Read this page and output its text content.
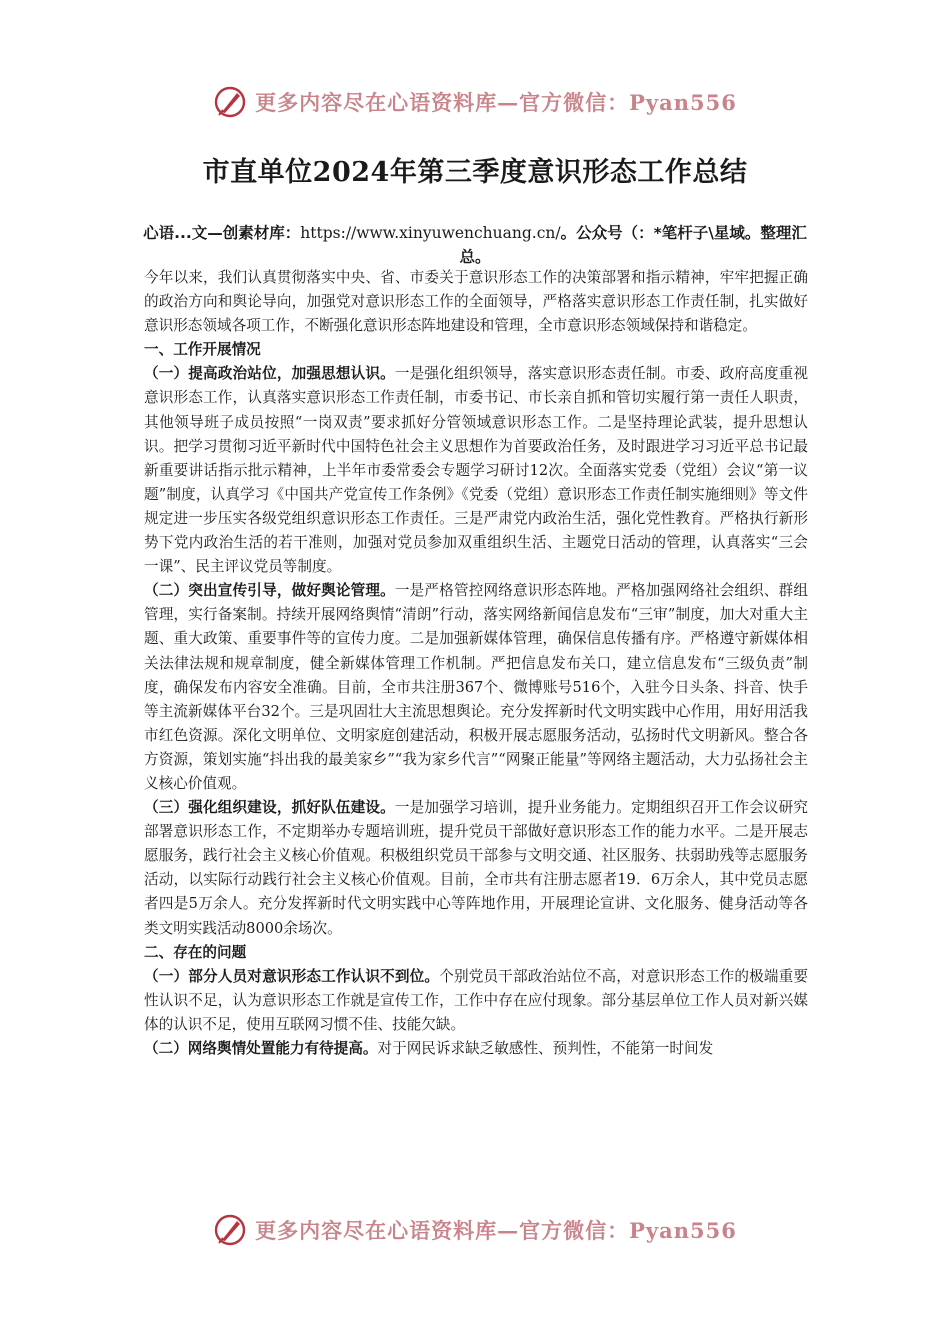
更多内容尽在心语资料库—官方微信：Pyan556
市直单位2024年第三季度意识形态工作总结

心语...文—创素材库：https://www.xinyuwenchuang.cn/。公众号（：*笔杆子\星域。整理汇总。

今年以来，我们认真贯彻落实中央、省、市委关于意识形态工作的决策部署和指示精神，牢牢把握正确的政治方向和舆论导向，加强党对意识形态工作的全面领导，严格落实意识形态工作责任制，扎实做好意识形态领域各项工作，不断强化意识形态阵地建设和管理，全市意识形态领域保持和谐稳定。

一、工作开展情况

（一）提高政治站位，加强思想认识。一是强化组织领导，落实意识形态责任制。市委、政府高度重视意识形态工作，认真落实意识形态工作责任制，市委书记、市长亲自抓和管切实履行第一责任人职责，其他领导班子成员按照“一岗双责”要求抓好分管领域意识形态工作。二是坚持理论武装，提升思想认识。把学习贯彻习近平新时代中国特色社会主义思想作为首要政治任务，及时跟进学习习近平总书记最新重要讲话指示批示精神，上半年市委常委会专题学习研讨12次。全面落实党委（党组）会议“第一议题”制度，认真学习《中国共产党宣传工作条例》《党委（党组）意识形态工作责任制实施细则》等文件规定进一步压实各级党组织意识形态工作责任。三是严肃党内政治生活，强化党性教育。严格执行新形势下党内政治生活的若干准则，加强对党员参加双重组织生活、主题党日活动的管理，认真落实“三会一课”、民主评议党员等制度。

（二）突出宣传引导，做好舆论管理。一是严格管控网络意识形态阵地。严格加强网络社会组织、群组管理，实行备案制。持续开展网络舆情“清朗”行动，落实网络新闻信息发布“三审”制度，加大对重大主题、重大政策、重要事件等的宣传力度。二是加强新媒体管理，确保信息传播有序。严格遵守新媒体相关法律法规和规章制度，健全新媒体管理工作机制。严把信息发布关口，建立信息发布“三级负责”制度，确保发布内容安全准确。目前，全市共注册367个、微博账号516个，入驻今日头条、抖音、快手等主流新媒体平台32个。三是巩固壮大主流思想舆论。充分发挥新时代文明实践中心作用，用好用活我市红色资源。深化文明单位、文明家庭创建活动，积极开展志愿服务活动，弘扬时代文明新风。整合各方资源，策划实施“抖出我的最美家乡”“我为家乡代言”“网聚正能量”等网络主题活动，大力弘扬社会主义核心价值观。

（三）强化组织建设，抓好队伍建设。一是加强学习培训，提升业务能力。定期组织召开工作会议研究部署意识形态工作，不定期举办专题培训班，提升党员干部做好意识形态工作的能力水平。二是开展志愿服务，践行社会主义核心价值观。积极组织党员干部参与文明交通、社区服务、扶弱助残等志愿服务活动，以实际行动践行社会主义核心价值观。目前，全市共有注册志愿者19．6万余人，其中党员志愿者四是5万余人。充分发挥新时代文明实践中心等阵地作用，开展理论宣讲、文化服务、健身活动等各类文明实践活动8000余场次。

二、存在的问题

（一）部分人员对意识形态工作认识不到位。个别党员干部政治站位不高，对意识形态工作的极端重要性认识不足，认为意识形态工作就是宣传工作，工作中存在应付现象。部分基层单位工作人员对新兴媒体的认识不足，使用互联网习惯不佳、技能欠缺。

（二）网络舆情处置能力有待提高。对于网民诉求缺乏敏感性、预判性，不能第一时间发

更多内容尽在心语资料库—官方微信：Pyan556
